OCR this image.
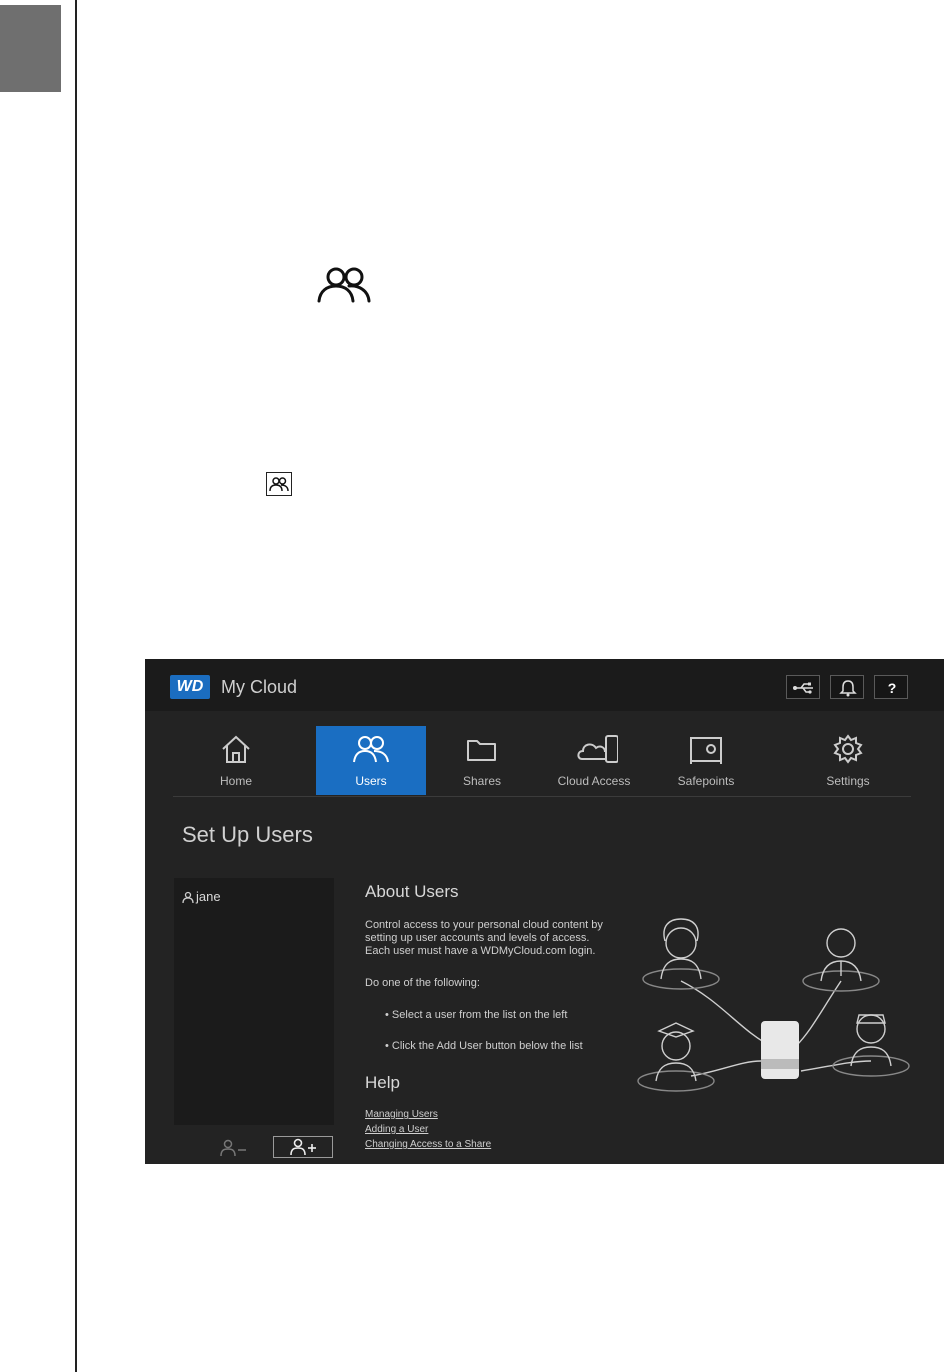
WD My Cloud	?
Home	Users	Shares	Cloud Access	Safepoints	Settings
Set Up Users
jane	About Users
Control access to your personal cloud content by
setting up user accounts and levels of access.
Each user must have a WDMyCloud.com login.
Do one of the following:
• Select a user from the list on the left
• Click the Add User button below the list
Help
Managing Users
Adding a User
Changing Access to a Share
